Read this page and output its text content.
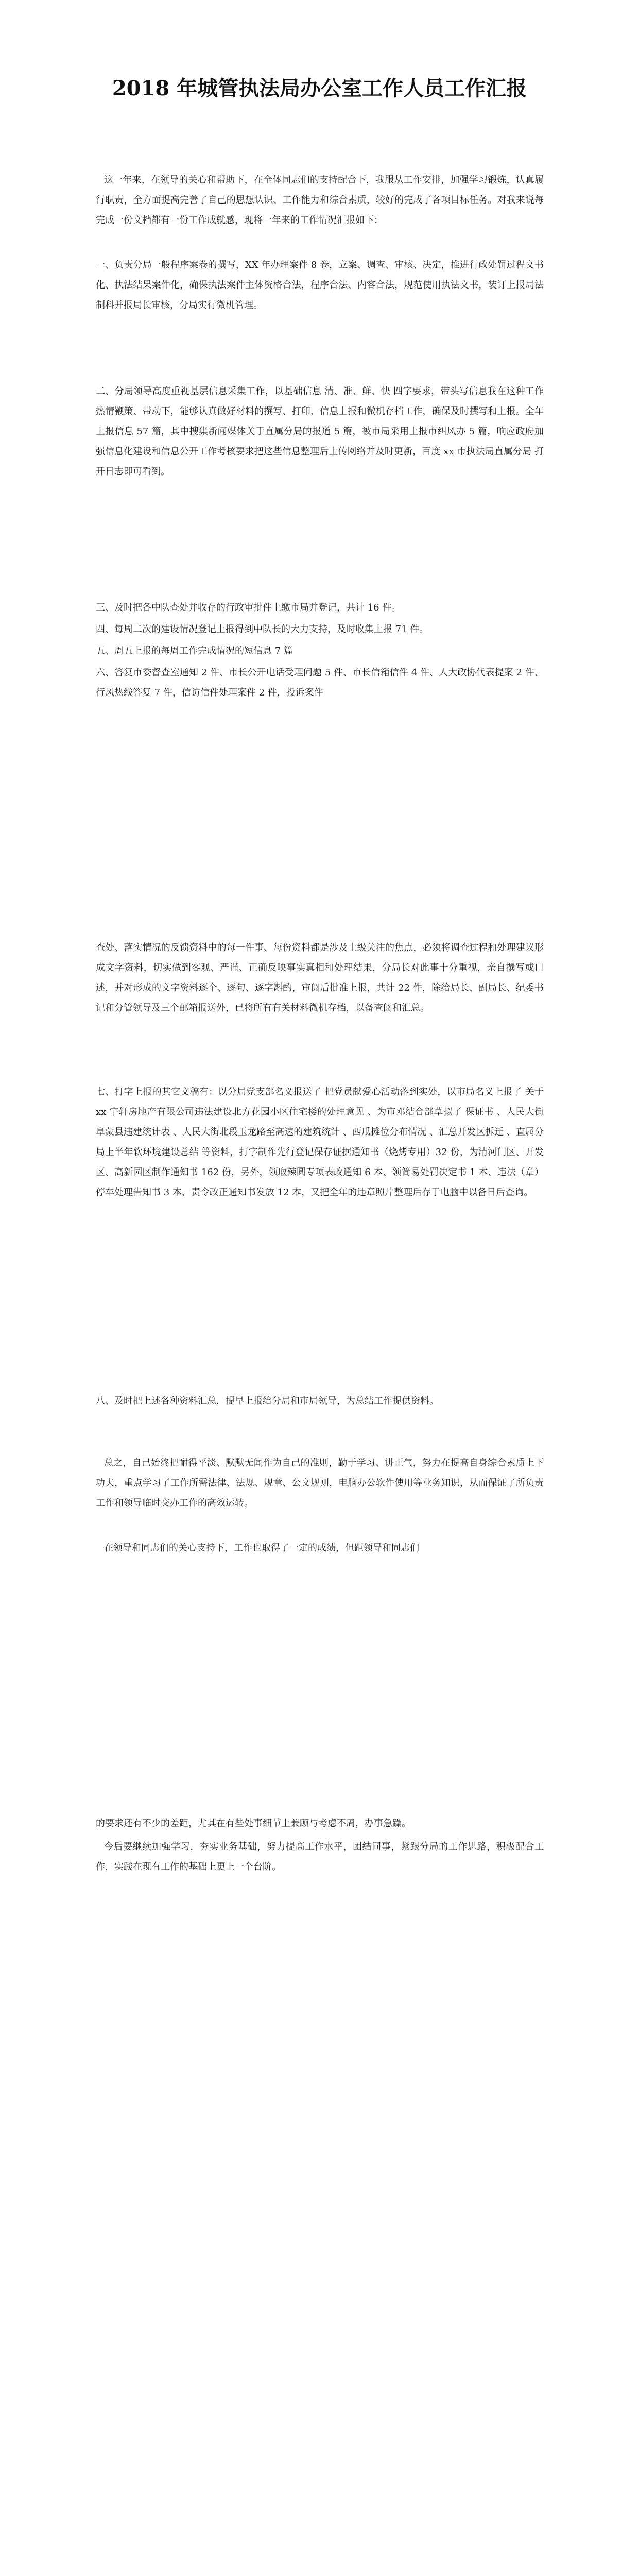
2018 年城管执法局办公室工作人员工作汇报

这一年来，在领导的关心和帮助下，在全体同志们的支持配合下，我服从工作安排，加强学习锻炼，认真履行职责，全方面提高完善了自己的思想认识、工作能力和综合素质，较好的完成了各项目标任务。对我来说每完成一份文档都有一份工作成就感，现将一年来的工作情况汇报如下：

一、负责分局一般程序案卷的撰写，XX 年办理案件 8 卷，立案、调查、审核、决定，推进行政处罚过程文书化、执法结果案件化，确保执法案件主体资格合法，程序合法、内容合法，规范使用执法文书，装订上报局法制科并报局长审核，分局实行微机管理。

二、分局领导高度重视基层信息采集工作，以基础信息 清、准、鲜、快 四字要求，带头写信息我在这种工作热情鞭策、带动下，能够认真做好材料的撰写、打印、信息上报和微机存档工作，确保及时撰写和上报。全年上报信息 57 篇，其中搜集新闻媒体关于直属分局的报道 5 篇，被市局采用上报市纠风办 5 篇，响应政府加强信息化建设和信息公开工作考核要求把这些信息整理后上传网络并及时更新，百度 xx 市执法局直属分局 打开日志即可看到。

三、及时把各中队查处并收存的行政审批件上缴市局并登记，共计 16 件。

四、每周二次的建设情况登记上报得到中队长的大力支持，及时收集上报 71 件。

五、周五上报的每周工作完成情况的短信息 7 篇

六、答复市委督查室通知 2 件、市长公开电话受理问题 5 件、市长信箱信件 4 件、人大政协代表提案 2 件、行风热线答复 7 件，信访信件处理案件 2 件，投诉案件

查处、落实情况的反馈资料中的每一件事、每份资料都是涉及上级关注的焦点，必须将调查过程和处理建议形成文字资料，切实做到客观、严谨、正确反映事实真相和处理结果，分局长对此事十分重视，亲自撰写或口述，并对形成的文字资料逐个、逐句、逐字斟酌，审阅后批准上报，共计 22 件，除给局长、副局长、纪委书记和分管领导及三个邮箱报送外，已将所有有关材料微机存档，以备查阅和汇总。

七、打字上报的其它文稿有：以分局党支部名义报送了 把党员献爱心活动落到实处，以市局名义上报了 关于 xx 宇轩房地产有限公司违法建设北方花园小区住宅楼的处理意见 、为市邓结合部草拟了 保证书 、人民大街阜蒙县违建统计表 、人民大街北段玉龙路至高速的建筑统计 、西瓜摊位分布情况 、汇总开发区拆迁 、直属分局上半年软环境建设总结 等资料，打字制作先行登记保存证据通知书（烧烤专用）32 份，为清河门区、开发区、高新园区制作通知书 162 份，另外，领取辣圆专项表改通知 6 本、领简易处罚决定书 1 本、违法（章）停车处理告知书 3 本、责令改正通知书发放 12 本，又把全年的违章照片整理后存于电脑中以备日后查询。

八、及时把上述各种资料汇总，提早上报给分局和市局领导，为总结工作提供资料。

总之，自己始终把耐得平淡、默默无闻作为自己的准则，勤于学习、讲正气，努力在提高自身综合素质上下功夫，重点学习了工作所需法律、法规、规章、公文规则，电脑办公软件使用等业务知识，从而保证了所负责工作和领导临时交办工作的高效运转。

在领导和同志们的关心支持下，工作也取得了一定的成绩，但距领导和同志们

的要求还有不少的差距，尤其在有些处事细节上兼顾与考虑不周，办事急躁。

今后要继续加强学习，夯实业务基础，努力提高工作水平，团结同事，紧跟分局的工作思路，积极配合工作，实践在现有工作的基础上更上一个台阶。
